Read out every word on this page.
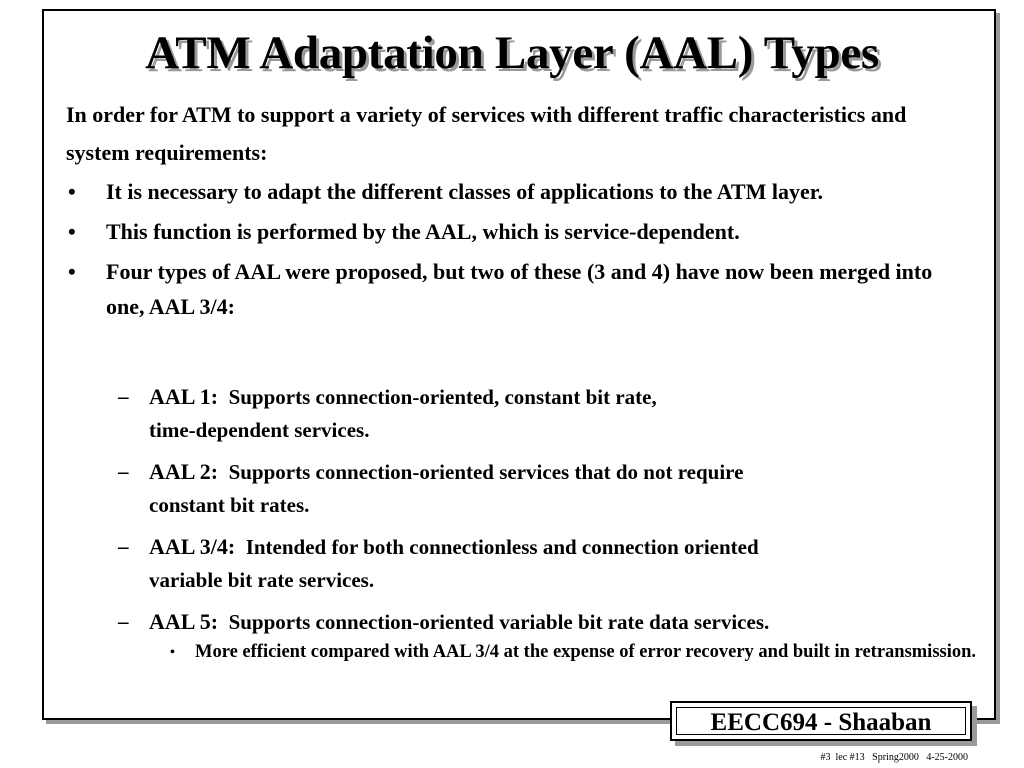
ATM Adaptation Layer (AAL) Types
In order for ATM to support a variety of services with different traffic characteristics and system requirements:
• It is necessary to adapt the different classes of applications to the ATM layer.
• This function is performed by the AAL, which is service-dependent.
• Four types of AAL were proposed, but two of these (3 and 4) have now been merged into one, AAL 3/4:
– AAL 1: Supports connection-oriented, constant bit rate,
time-dependent services.
– AAL 2: Supports connection-oriented services that do not require
constant bit rates.
– AAL 3/4: Intended for both connectionless and connection oriented
variable bit rate services.
– AAL 5: Supports connection-oriented variable bit rate data services.
• More efficient compared with AAL 3/4 at the expense of error recovery and built in retransmission.
EECC694 - Shaaban
#3  lec #13   Spring2000   4-25-2000
